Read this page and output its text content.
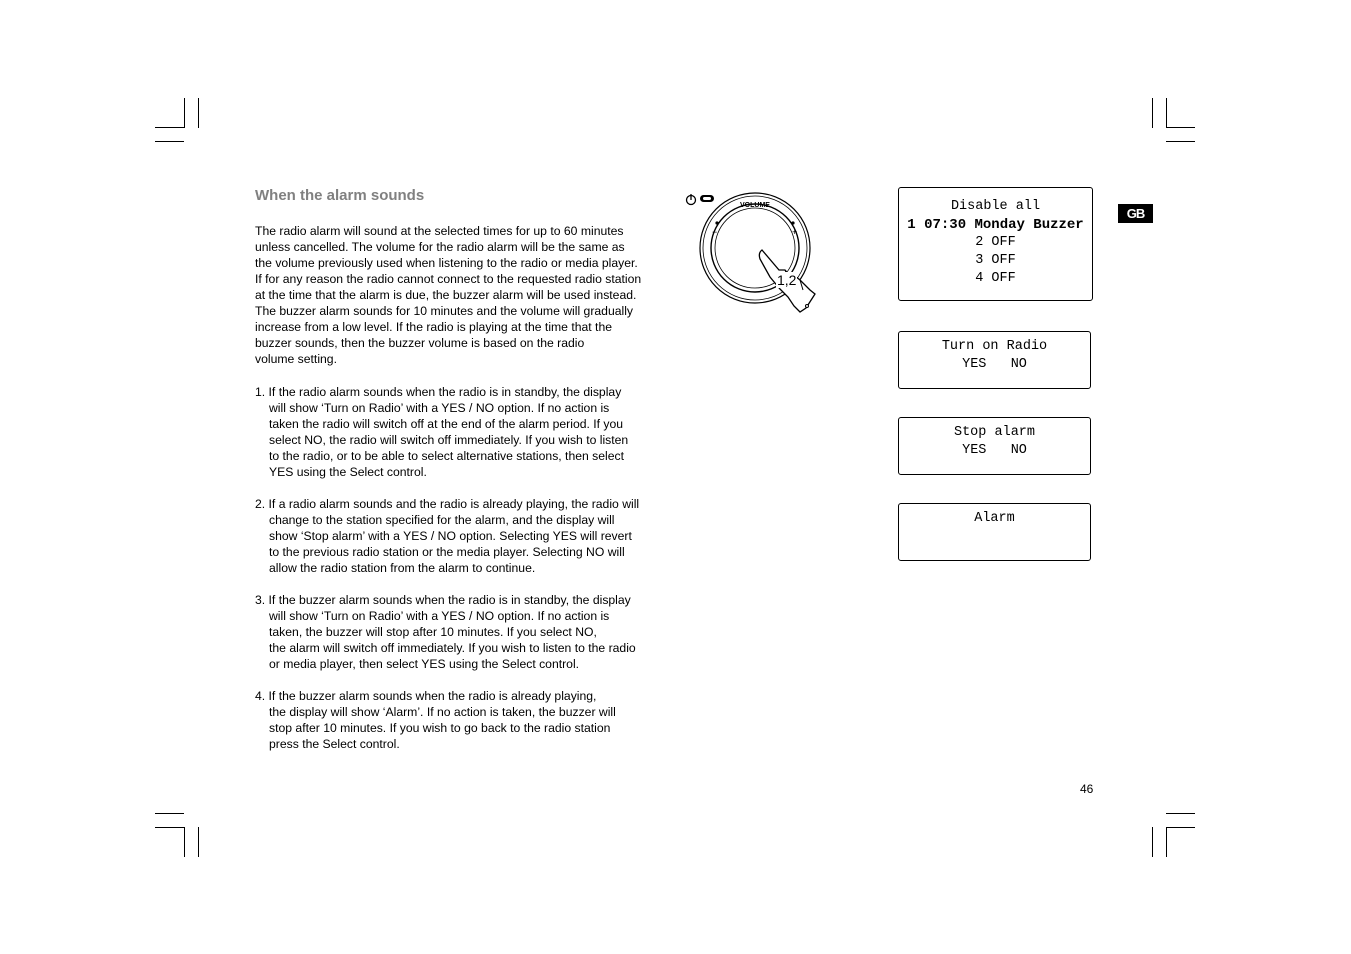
When the alarm sounds
The radio alarm will sound at the selected times for up to 60 minutes
unless cancelled. The volume for the radio alarm will be the same as
the volume previously used when listening to the radio or media player.
If for any reason the radio cannot connect to the requested radio station
at the time that the alarm is due, the buzzer alarm will be used instead.
The buzzer alarm sounds for 10 minutes and the volume will gradually
increase from a low level. If the radio is playing at the time that the
buzzer sounds, then the buzzer volume is based on the radio
volume setting.
1. If the radio alarm sounds when the radio is in standby, the display
will show ‘Turn on Radio’ with a YES / NO option. If no action is
taken the radio will switch off at the end of the alarm period. If you
select NO, the radio will switch off immediately. If you wish to listen
to the radio, or to be able to select alternative stations, then select
YES using the Select control.
2. If a radio alarm sounds and the radio is already playing, the radio will
change to the station specified for the alarm, and the display will
show ‘Stop alarm’ with a YES / NO option. Selecting YES will revert
to the previous radio station or the media player. Selecting NO will
allow the radio station from the alarm to continue.
3. If the buzzer alarm sounds when the radio is in standby, the display
will show ‘Turn on Radio’ with a YES / NO option. If no action is
taken, the buzzer will stop after 10 minutes. If you select NO,
the alarm will switch off immediately. If you wish to listen to the radio
or media player, then select YES using the Select control.
4. If the buzzer alarm sounds when the radio is already playing,
the display will show ‘Alarm’. If no action is taken, the buzzer will
stop after 10 minutes. If you wish to go back to the radio station
press the Select control.
VOLUME
−	+
1,2
Disable all
1 07:30 Monday Buzzer
2 OFF
3 OFF
4 OFF
Turn on Radio
YES   NO
Stop alarm
YES   NO
Alarm
GB
46
